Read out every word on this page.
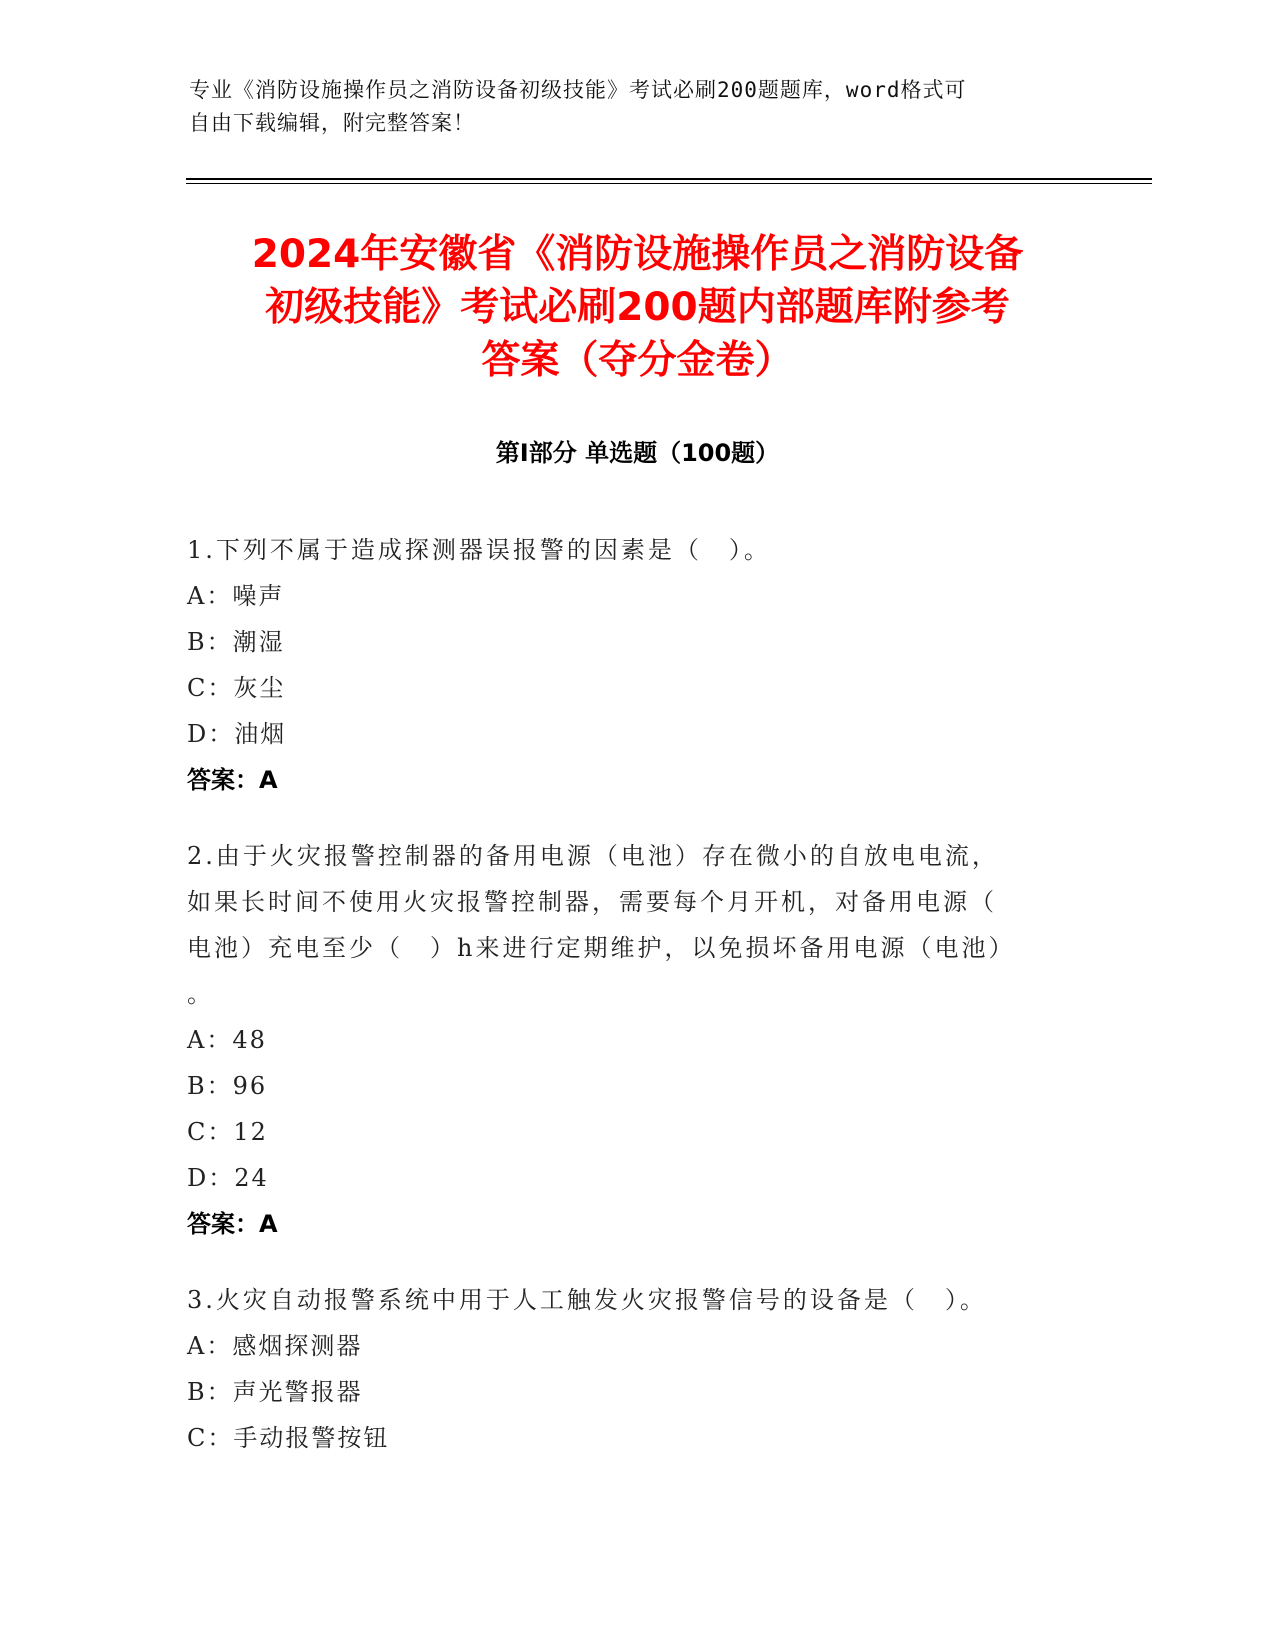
专业《消防设施操作员之消防设备初级技能》考试必刷200题题库，word格式可
自由下载编辑，附完整答案！
2024年安徽省《消防设施操作员之消防设备
初级技能》考试必刷200题内部题库附参考
答案（夺分金卷）
第Ⅰ部分 单选题（100题）
1.下列不属于造成探测器误报警的因素是（　）。
A：噪声
B：潮湿
C：灰尘
D：油烟
答案：A
2.由于火灾报警控制器的备用电源（电池）存在微小的自放电电流，
如果长时间不使用火灾报警控制器，需要每个月开机，对备用电源（
电池）充电至少（　）h来进行定期维护，以免损坏备用电源（电池）
。
A：48
B：96
C：12
D：24
答案：A
3.火灾自动报警系统中用于人工触发火灾报警信号的设备是（　）。
A：感烟探测器
B：声光警报器
C：手动报警按钮
